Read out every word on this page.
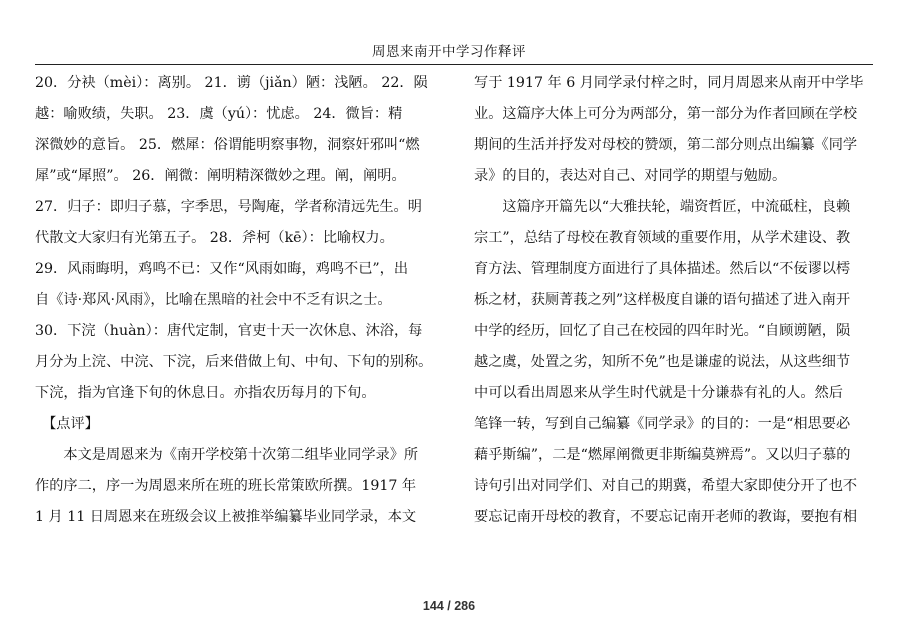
周恩来南开中学习作释评
20．分袂（mèi）：离别。 21．谫（jiǎn）陋：浅陋。 22．陨
越：喻败绩，失职。 23．虞（yú）：忧虑。 24．微旨：精
深微妙的意旨。 25．燃犀：俗谓能明察事物，洞察奸邪叫“燃
犀”或“犀照”。 26．阐微：阐明精深微妙之理。阐，阐明。
27．归子：即归子慕，字季思，号陶庵，学者称清远先生。明
代散文大家归有光第五子。 28．斧柯（kē）：比喻权力。
29．风雨晦明，鸡鸣不已：又作“风雨如晦，鸡鸣不已”，出
自《诗·郑风·风雨》，比喻在黑暗的社会中不乏有识之士。
30．下浣（huàn）：唐代定制，官吏十天一次休息、沐浴，每
月分为上浣、中浣、下浣，后来借做上旬、中旬、下旬的别称。
下浣，指为官逢下旬的休息日。亦指农历每月的下旬。
　【点评】
　　本文是周恩来为《南开学校第十次第二组毕业同学录》所
作的序二，序一为周恩来所在班的班长常策欧所撰。1917 年
1 月 11 日周恩来在班级会议上被推举编纂毕业同学录，本文
写于 1917 年 6 月同学录付梓之时，同月周恩来从南开中学毕
业。这篇序大体上可分为两部分，第一部分为作者回顾在学校
期间的生活并抒发对母校的赞颂，第二部分则点出编纂《同学
录》的目的，表达对自己、对同学的期望与勉励。
　　这篇序开篇先以“大雅扶轮，端资哲匠，中流砥柱，良赖
宗工”，总结了母校在教育领域的重要作用，从学术建设、教
育方法、管理制度方面进行了具体描述。然后以“不佞谬以樗
栎之材，获厕菁莪之列”这样极度自谦的语句描述了进入南开
中学的经历，回忆了自己在校园的四年时光。“自顾谫陋，陨
越之虞，处置之劣，知所不免”也是谦虚的说法，从这些细节
中可以看出周恩来从学生时代就是十分谦恭有礼的人。然后
笔锋一转，写到自己编纂《同学录》的目的：一是“相思要必
藉乎斯编”，二是“燃犀阐微更非斯编莫辨焉”。又以归子慕的
诗句引出对同学们、对自己的期冀，希望大家即使分开了也不
要忘记南开母校的教育，不要忘记南开老师的教诲，要抱有相
144 / 286
